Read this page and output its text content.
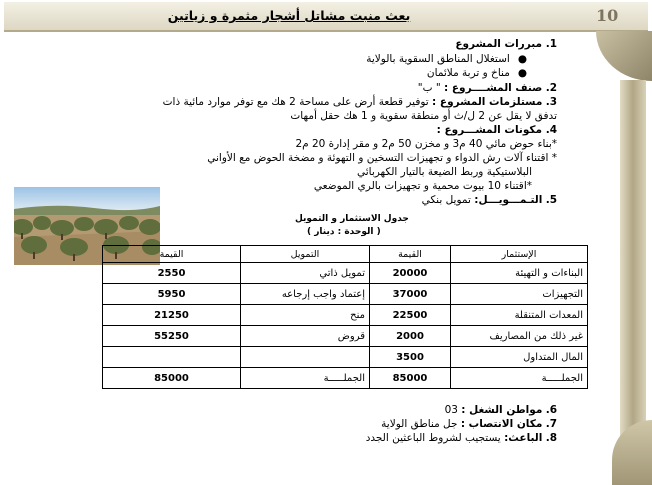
10
بعث منبت مشاتل أشجار مثمرة و زياتين
1. مبررات المشروع
●استغلال المناطق السقوية بالولاية
●مناخ و تربة ملائمان
2. صنف المشــــروع : " ب"
3. مستلزمات المشروع : توفير قطعة أرض على مساحة 2 هك مع توفر موارد مائية ذات
تدفق لا يقل عن 2 ل/ث أو منطقة سقوية و 1 هك حقل أمهات
4. مكونات المشـــروع :
*بناء حوض مائي 40 م3 و مخزن 50 م2 و مقر إدارة 20 م2
* اقتناء آلات رش الدواء و تجهيزات التسخين و التهوئة و مضخة الحوض مع الأواني
البلاستيكية وربط الضيعة بالتيار الكهربائي
*اقتناء 10 بيوت محمية و تجهيزات بالري الموضعي
5. التـمـــويـــل: تمويل بنكي
جدول الاستثمار و التمويل
( الوحدة : دينار )
الإستثمار	القيمة	التمويل	القيمة
البناءات و التهيئة	20000	تمويل ذاتي	2550
التجهيزات	37000	إعتماد واجب إرجاعه	5950
المعدات المتنقلة	22500	منح	21250
غير ذلك من المصاريف	2000	قروض	55250
المال المتداول	3500		
الجملـــــة	85000	الجملـــــة	85000
6. مواطن الشغل : 03
7. مكان الانتصاب : جل مناطق الولاية
8. الباعث: يستجيب لشروط الباعثين الجدد
